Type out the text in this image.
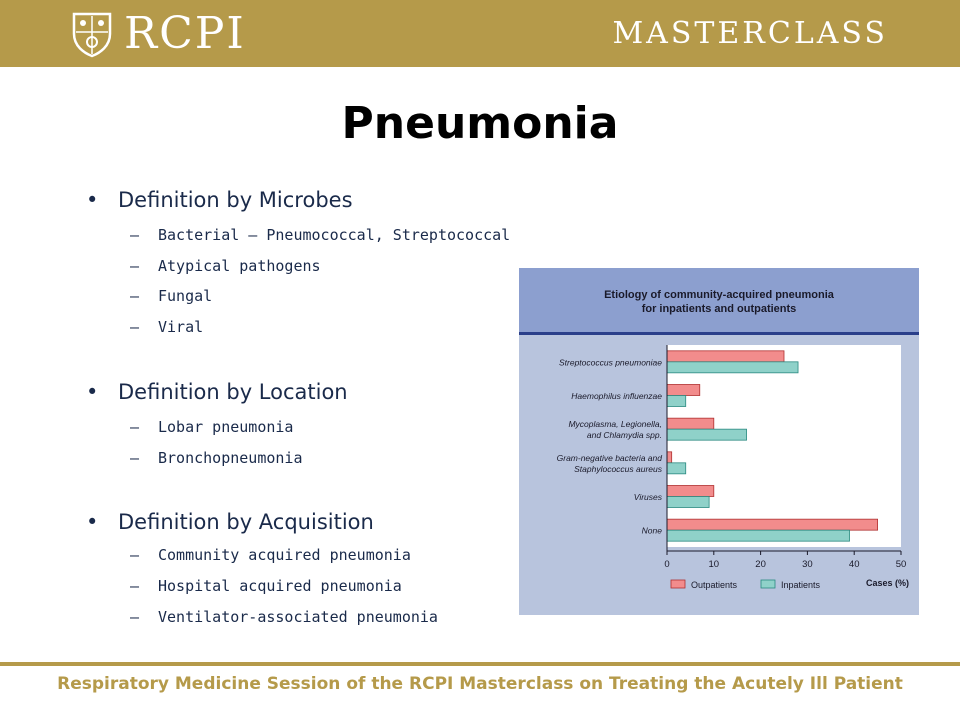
RCPI	MASTERCLASS
Pneumonia
• Definition by Microbes
– Bacterial – Pneumococcal, Streptococcal
– Atypical pathogens
– Fungal
– Viral
• Definition by Location
– Lobar pneumonia
– Bronchopneumonia
• Definition by Acquisition
– Community acquired pneumonia
– Hospital acquired pneumonia
– Ventilator-associated pneumonia
Etiology of community-acquired pneumonia
for inpatients and outpatients
Streptococcus pneumoniae
Haemophilus influenzae
Mycoplasma, Legionella,
and Chlamydia spp.
Gram-negative bacteria and
Staphylococcus aureus
Viruses
None
0	10	20	30	40	50
Cases (%)
Outpatients	Inpatients
Respiratory Medicine Session of the RCPI Masterclass on Treating the Acutely Ill Patient
